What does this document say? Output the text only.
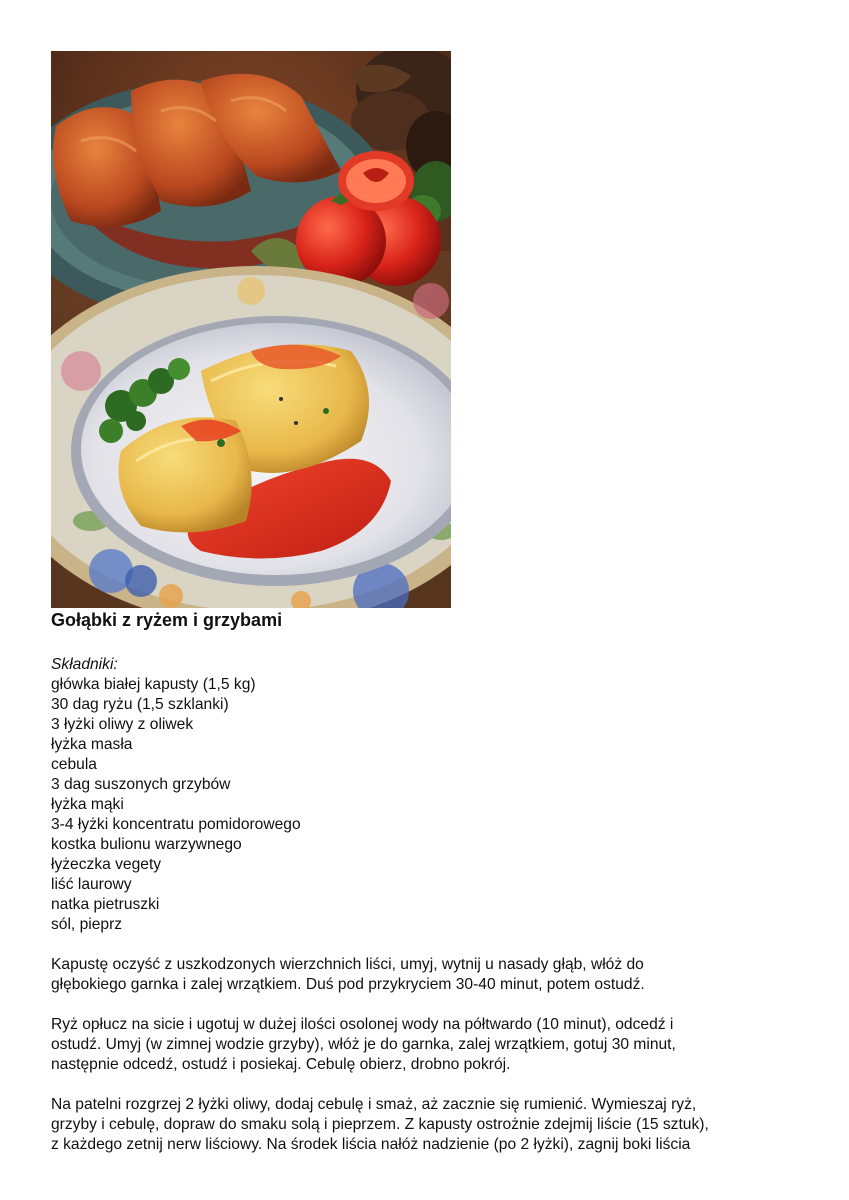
Gołąbki z ryżem i grzybami
Składniki:
główka białej kapusty (1,5 kg)
30 dag ryżu (1,5 szklanki)
3 łyżki oliwy z oliwek
łyżka masła
cebula
3 dag suszonych grzybów
łyżka mąki
3-4 łyżki koncentratu pomidorowego
kostka bulionu warzywnego
łyżeczka vegety
liść laurowy
natka pietruszki
sól, pieprz

Kapustę oczyść z uszkodzonych wierzchnich liści, umyj, wytnij u nasady głąb, włóż do
głębokiego garnka i zalej wrzątkiem. Duś pod przykryciem 30-40 minut, potem ostudź.

Ryż opłucz na sicie i ugotuj w dużej ilości osolonej wody na półtwardo (10 minut), odcedź i
ostudź. Umyj (w zimnej wodzie grzyby), włóż je do garnka, zalej wrzątkiem, gotuj 30 minut,
następnie odcedź, ostudź i posiekaj. Cebulę obierz, drobno pokrój.

Na patelni rozgrzej 2 łyżki oliwy, dodaj cebulę i smaż, aż zacznie się rumienić. Wymieszaj ryż,
grzyby i cebulę, dopraw do smaku solą i pieprzem. Z kapusty ostrożnie zdejmij liście (15 sztuk),
z każdego zetnij nerw liściowy. Na środek liścia nałóż nadzienie (po 2 łyżki), zagnij boki liścia
